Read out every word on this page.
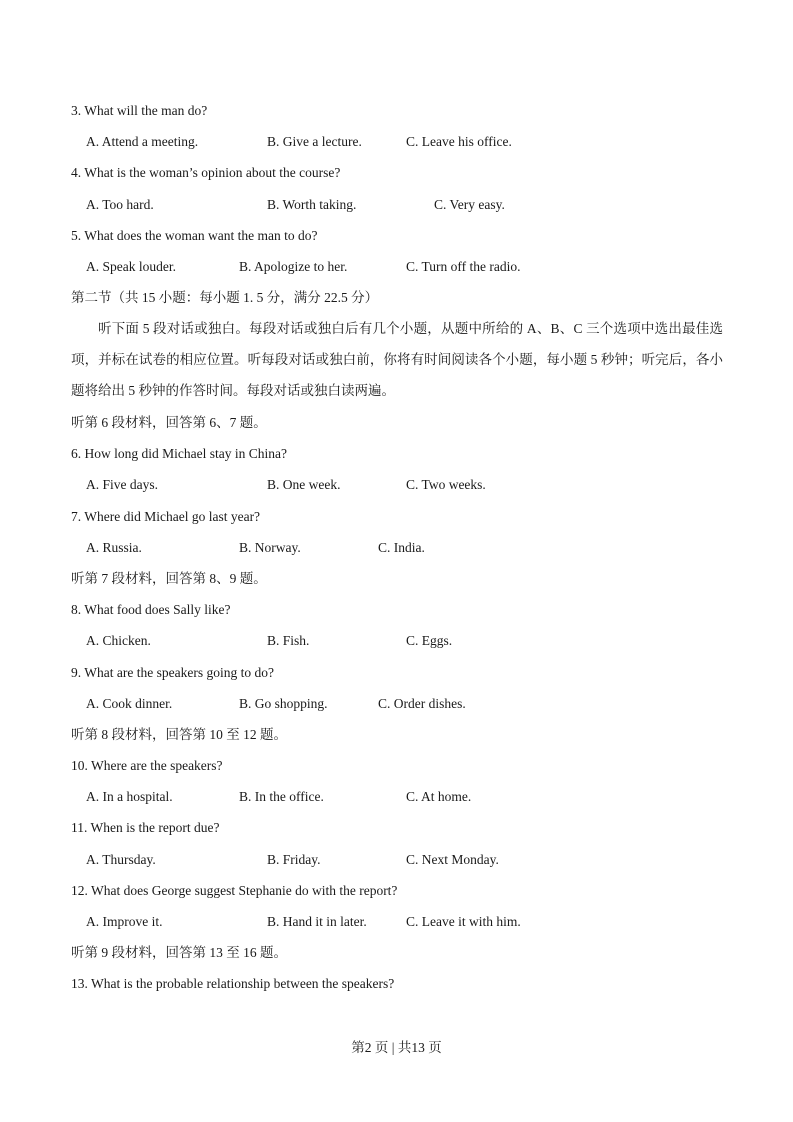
3. What will the man do?
A. Attend a meeting.	B. Give a lecture.	C. Leave his office.
4. What is the woman’s opinion about the course?
A. Too hard.	B. Worth taking.	C. Very easy.
5. What does the woman want the man to do?
A. Speak louder.	B. Apologize to her.	C. Turn off the radio.
第二节（共 15 小题：每小题 1. 5 分，满分 22.5 分）
听下面 5 段对话或独白。每段对话或独白后有几个小题，从题中所给的 A、B、C 三个选项中选出最佳选项，并标在试卷的相应位置。听每段对话或独白前，你将有时间阅读各个小题，每小题 5 秒钟；听完后，各小题将给出 5 秒钟的作答时间。每段对话或独白读两遍。
听第 6 段材料，回答第 6、7 题。
6. How long did Michael stay in China?
A. Five days.	B. One week.	C. Two weeks.
7. Where did Michael go last year?
A. Russia.	B. Norway.	C. India.
听第 7 段材料，回答第 8、9 题。
8. What food does Sally like?
A. Chicken.	B. Fish.	C. Eggs.
9. What are the speakers going to do?
A. Cook dinner.	B. Go shopping.	C. Order dishes.
听第 8 段材料，回答第 10 至 12 题。
10. Where are the speakers?
A. In a hospital.	B. In the office.	C. At home.
11. When is the report due?
A. Thursday.	B. Friday.	C. Next Monday.
12. What does George suggest Stephanie do with the report?
A. Improve it.	B. Hand it in later.	C. Leave it with him.
听第 9 段材料，回答第 13 至 16 题。
13. What is the probable relationship between the speakers?
第2 页 | 共13 页
